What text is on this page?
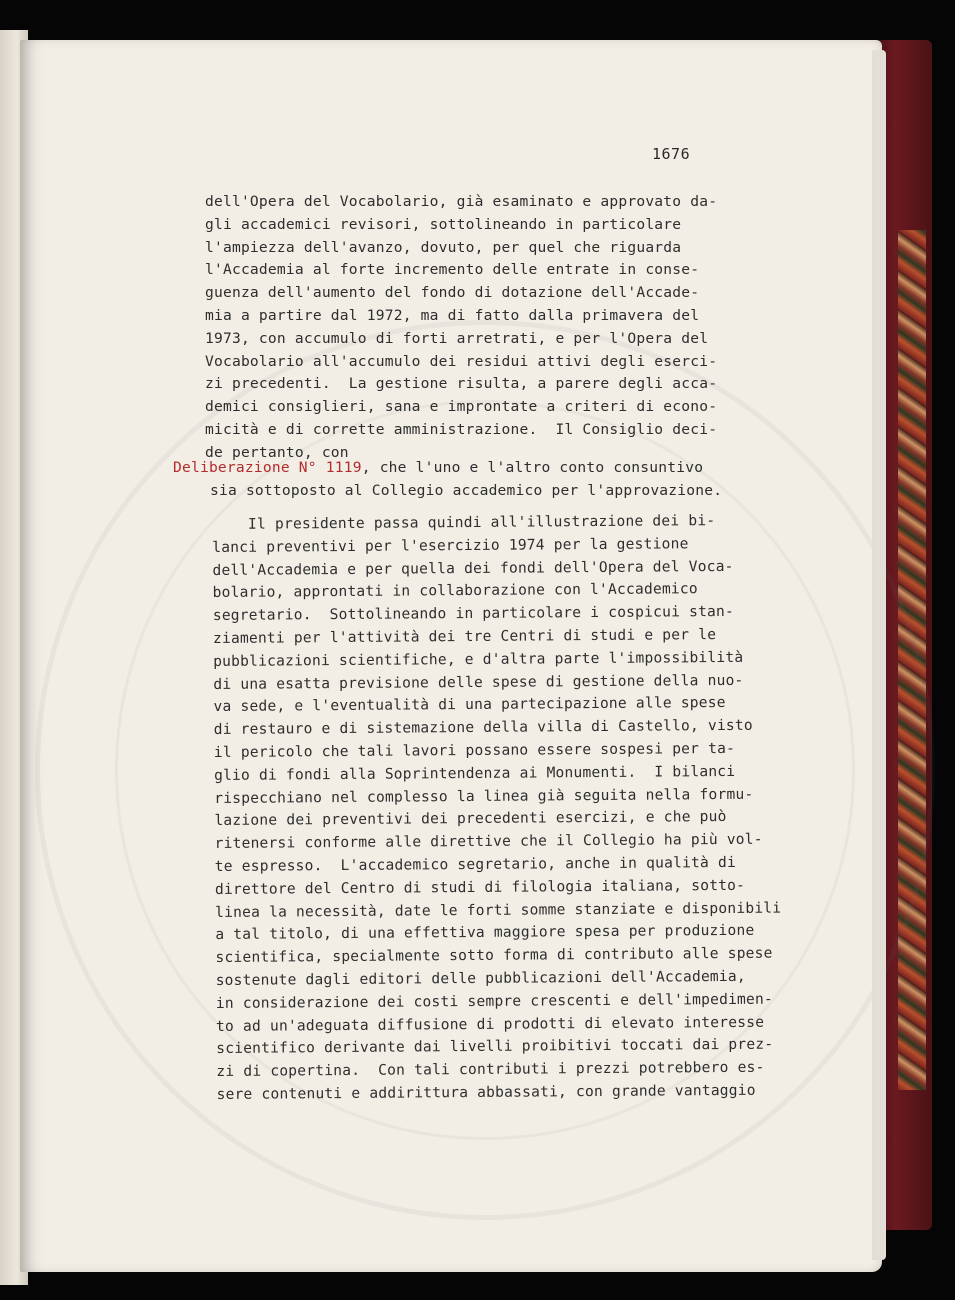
1676
dell'Opera del Vocabolario, già esaminato e approvato da-
gli accademici revisori, sottolineando in particolare
l'ampiezza dell'avanzo, dovuto, per quel che riguarda
l'Accademia al forte incremento delle entrate in conse-
guenza dell'aumento del fondo di dotazione dell'Accade-
mia a partire dal 1972, ma di fatto dalla primavera del
1973, con accumulo di forti arretrati, e per l'Opera del
Vocabolario all'accumulo dei residui attivi degli eserci-
zi precedenti.  La gestione risulta, a parere degli acca-
demici consiglieri, sana e improntate a criteri di econo-
micità e di corrette amministrazione.  Il Consiglio deci-
de pertanto, con
Deliberazione N° 1119, che l'uno e l'altro conto consuntivo
sia sottoposto al Collegio accademico per l'approvazione.
Il presidente passa quindi all'illustrazione dei bi-
lanci preventivi per l'esercizio 1974 per la gestione
dell'Accademia e per quella dei fondi dell'Opera del Voca-
bolario, approntati in collaborazione con l'Accademico
segretario.  Sottolineando in particolare i cospicui stan-
ziamenti per l'attività dei tre Centri di studi e per le
pubblicazioni scientifiche, e d'altra parte l'impossibilità
di una esatta previsione delle spese di gestione della nuo-
va sede, e l'eventualità di una partecipazione alle spese
di restauro e di sistemazione della villa di Castello, visto
il pericolo che tali lavori possano essere sospesi per ta-
glio di fondi alla Soprintendenza ai Monumenti.  I bilanci
rispecchiano nel complesso la linea già seguita nella formu-
lazione dei preventivi dei precedenti esercizi, e che può
ritenersi conforme alle direttive che il Collegio ha più vol-
te espresso.  L'accademico segretario, anche in qualità di
direttore del Centro di studi di filologia italiana, sotto-
linea la necessità, date le forti somme stanziate e disponibili
a tal titolo, di una effettiva maggiore spesa per produzione
scientifica, specialmente sotto forma di contributo alle spese
sostenute dagli editori delle pubblicazioni dell'Accademia,
in considerazione dei costi sempre crescenti e dell'impedimen-
to ad un'adeguata diffusione di prodotti di elevato interesse
scientifico derivante dai livelli proibitivi toccati dai prez-
zi di copertina.  Con tali contributi i prezzi potrebbero es-
sere contenuti e addirittura abbassati, con grande vantaggio
